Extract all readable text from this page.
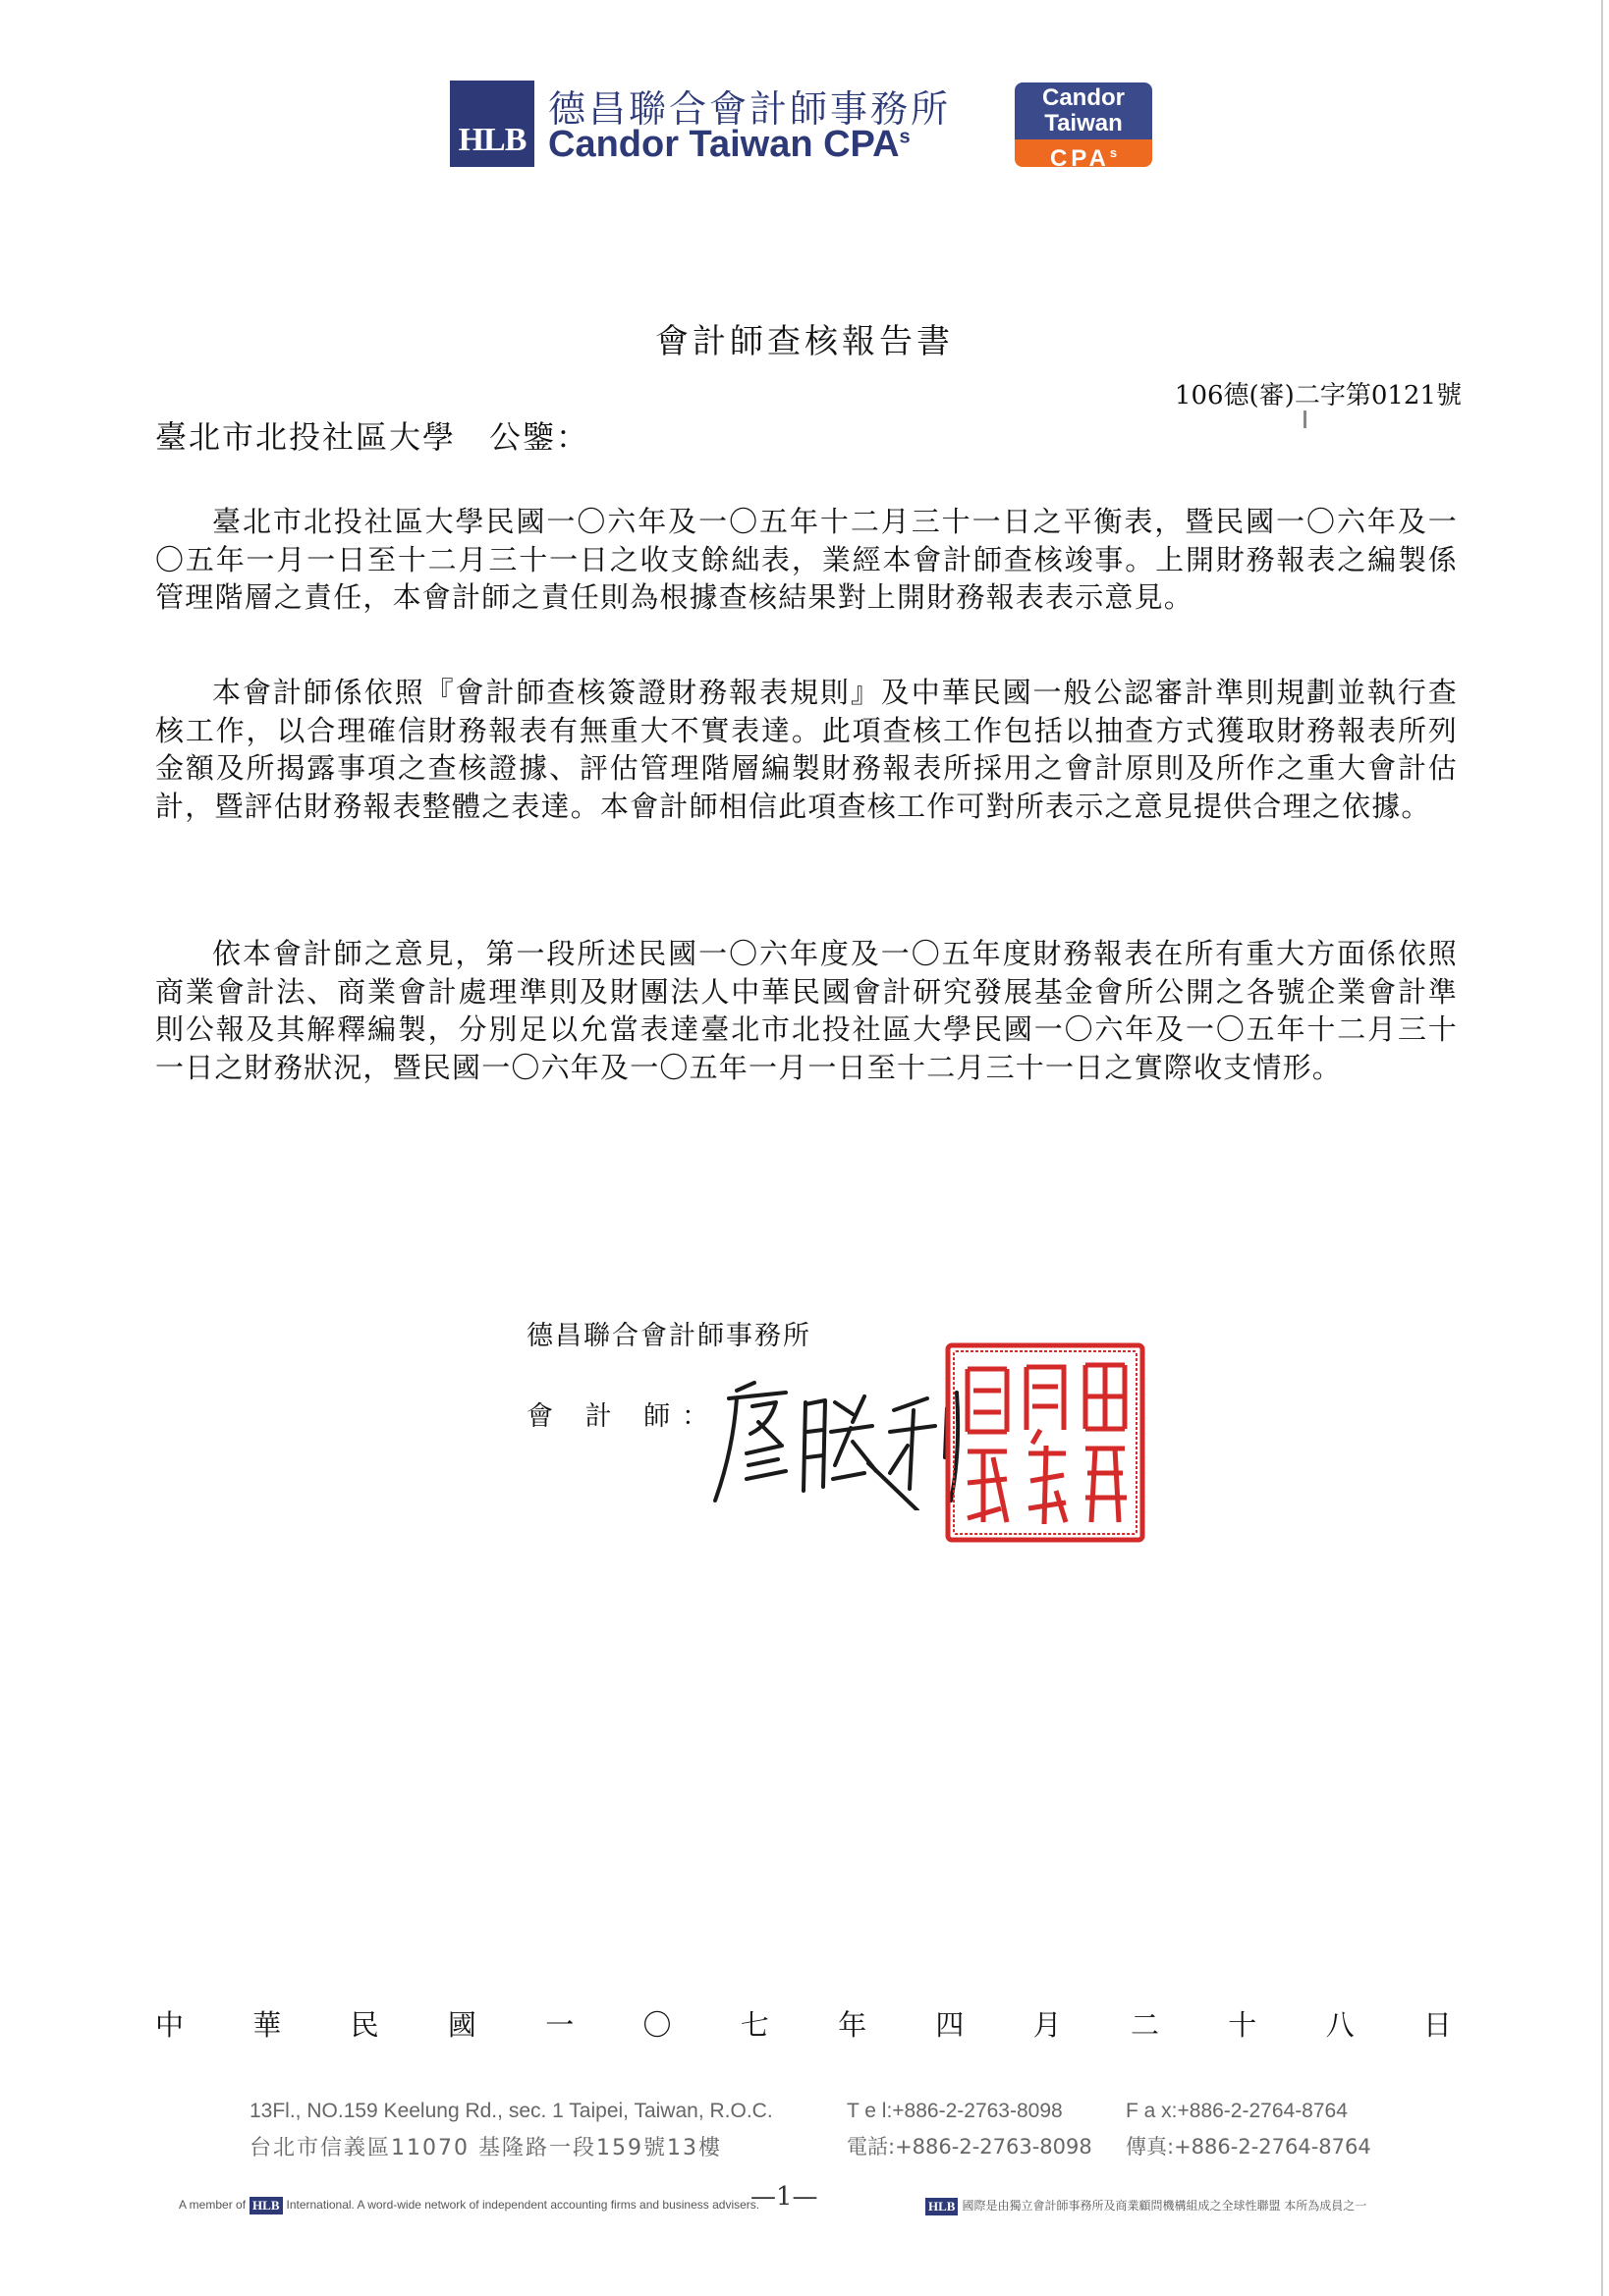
HLB
德昌聯合會計師事務所
Candor Taiwan CPA$^s$
Candor
Taiwan
CPA$^s$
會計師查核報告書
106德(審)二字第0121號
臺北市北投社區大學　公鑒：

臺北市北投社區大學民國一〇六年及一〇五年十二月三十一日之平衡表，暨民國一〇六年及一〇五年一月一日至十二月三十一日之收支餘絀表，業經本會計師查核竣事。上開財務報表之編製係管理階層之責任，本會計師之責任則為根據查核結果對上開財務報表表示意見。

本會計師係依照『會計師查核簽證財務報表規則』及中華民國一般公認審計準則規劃並執行查核工作，以合理確信財務報表有無重大不實表達。此項查核工作包括以抽查方式獲取財務報表所列金額及所揭露事項之查核證據、評估管理階層編製財務報表所採用之會計原則及所作之重大會計估計，暨評估財務報表整體之表達。本會計師相信此項查核工作可對所表示之意見提供合理之依據。

依本會計師之意見，第一段所述民國一〇六年度及一〇五年度財務報表在所有重大方面係依照商業會計法、商業會計處理準則及財團法人中華民國會計研究發展基金會所公開之各號企業會計準則公報及其解釋編製，分別足以允當表達臺北市北投社區大學民國一〇六年及一〇五年十二月三十一日之財務狀況，暨民國一〇六年及一〇五年一月一日至十二月三十一日之實際收支情形。

德昌聯合會計師事務所
會 計 師：
中 華 民 國 一 〇 七 年 四 月 二 十 八 日
13Fl., NO.159 Keelung Rd., sec. 1 Taipei, Taiwan, R.O.C.
台北市信義區11070 基隆路一段159號13樓
T e l:+886-2-2763-8098
電話:+886-2-2763-8098
F a x:+886-2-2764-8764
傳真:+886-2-2764-8764
—1—
A member of HLB International. A word-wide network of independent accounting firms and business advisers.	HLB 國際是由獨立會計師事務所及商業顧問機構組成之全球性聯盟 本所為成員之一
